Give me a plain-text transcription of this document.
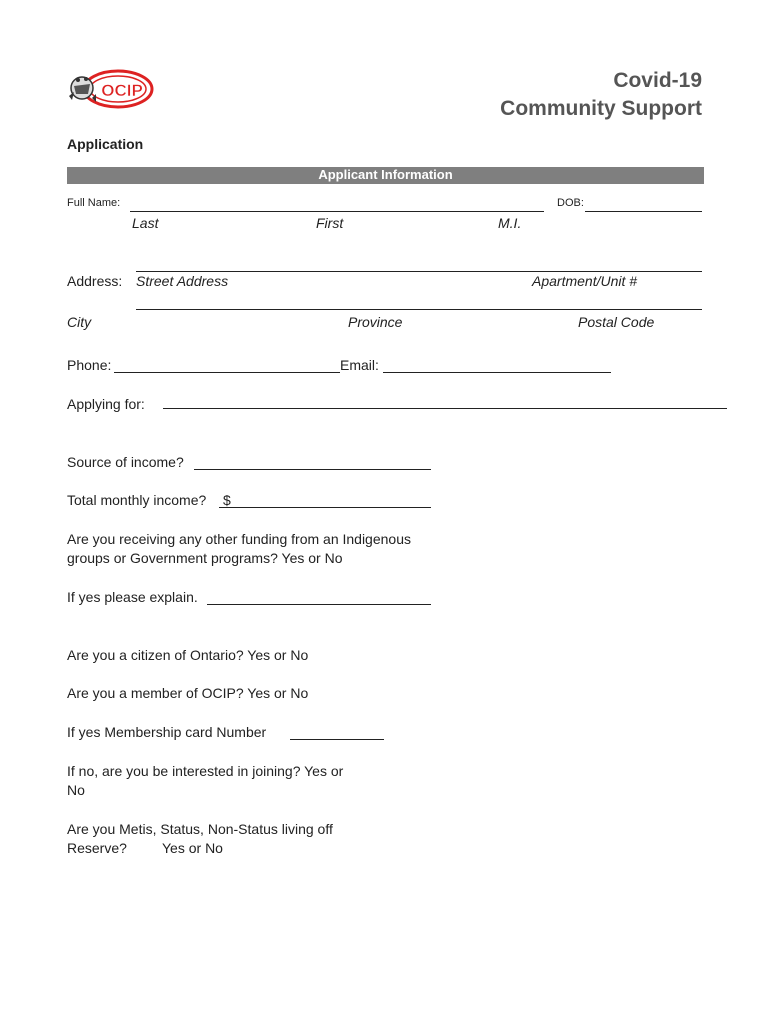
OCIP	Covid-19
Community Support
Application
Applicant Information
Full Name:	DOB:
Last	First	M.I.
Address: Street Address	Apartment/Unit #
City	Province	Postal Code
Phone:	Email:
Applying for:
Source of income?
Total monthly income? $
Are you receiving any other funding from an Indigenous
groups or Government programs? Yes or No
If yes please explain.
Are you a citizen of Ontario? Yes or No
Are you a member of OCIP? Yes or No
If yes Membership card Number
If no, are you be interested in joining? Yes or
No
Are you Metis, Status, Non-Status living off
Reserve?	Yes or No
